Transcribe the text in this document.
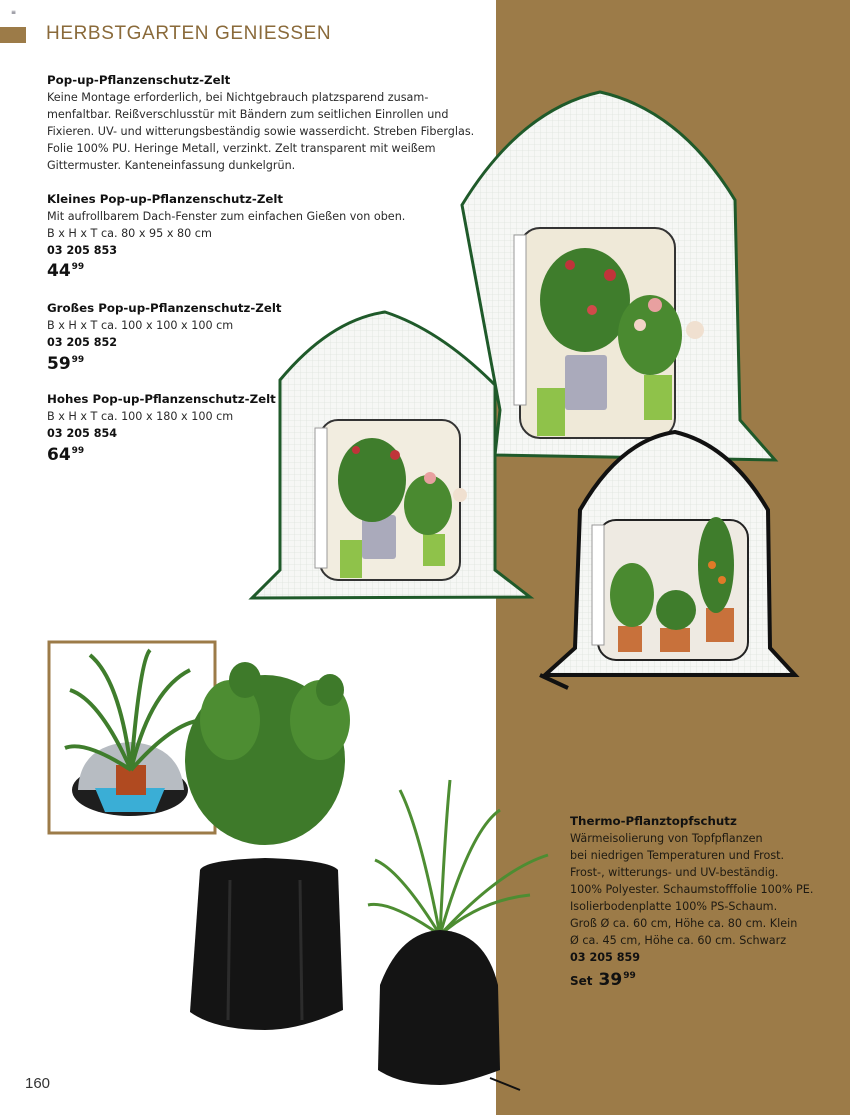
≡
HERBSTGARTEN GENIESSEN
Pop-up-Pflanzenschutz-Zelt
Keine Montage erforderlich, bei Nichtgebrauch platzsparend zusam-
menfaltbar. Reißverschlusstür mit Bändern zum seitlichen Einrollen und
Fixieren. UV- und witterungsbeständig sowie wasserdicht. Streben Fiberglas.
Folie 100% PU. Heringe Metall, verzinkt. Zelt transparent mit weißem
Gittermuster. Kanteneinfassung dunkelgrün.
Kleines Pop-up-Pflanzenschutz-Zelt
Mit aufrollbarem Dach-Fenster zum einfachen Gießen von oben.
B x H x T ca. 80 x 95 x 80 cm
03 205 853
$44^{99}$
Großes Pop-up-Pflanzenschutz-Zelt
B x H x T ca. 100 x 100 x 100 cm
03 205 852
$59^{99}$
Hohes Pop-up-Pflanzenschutz-Zelt
B x H x T ca. 100 x 180 x 100 cm
03 205 854
$64^{99}$
Thermo-Pflanztopfschutz
Wärmeisolierung von Topfpflanzen
bei niedrigen Temperaturen und Frost.
Frost-, witterungs- und UV-beständig.
100% Polyester. Schaumstofffolie 100% PE.
Isolierbodenplatte 100% PS-Schaum.
Groß Ø ca. 60 cm, Höhe ca. 80 cm. Klein
Ø ca. 45 cm, Höhe ca. 60 cm. Schwarz
03 205 859
Set $39^{99}$
160
